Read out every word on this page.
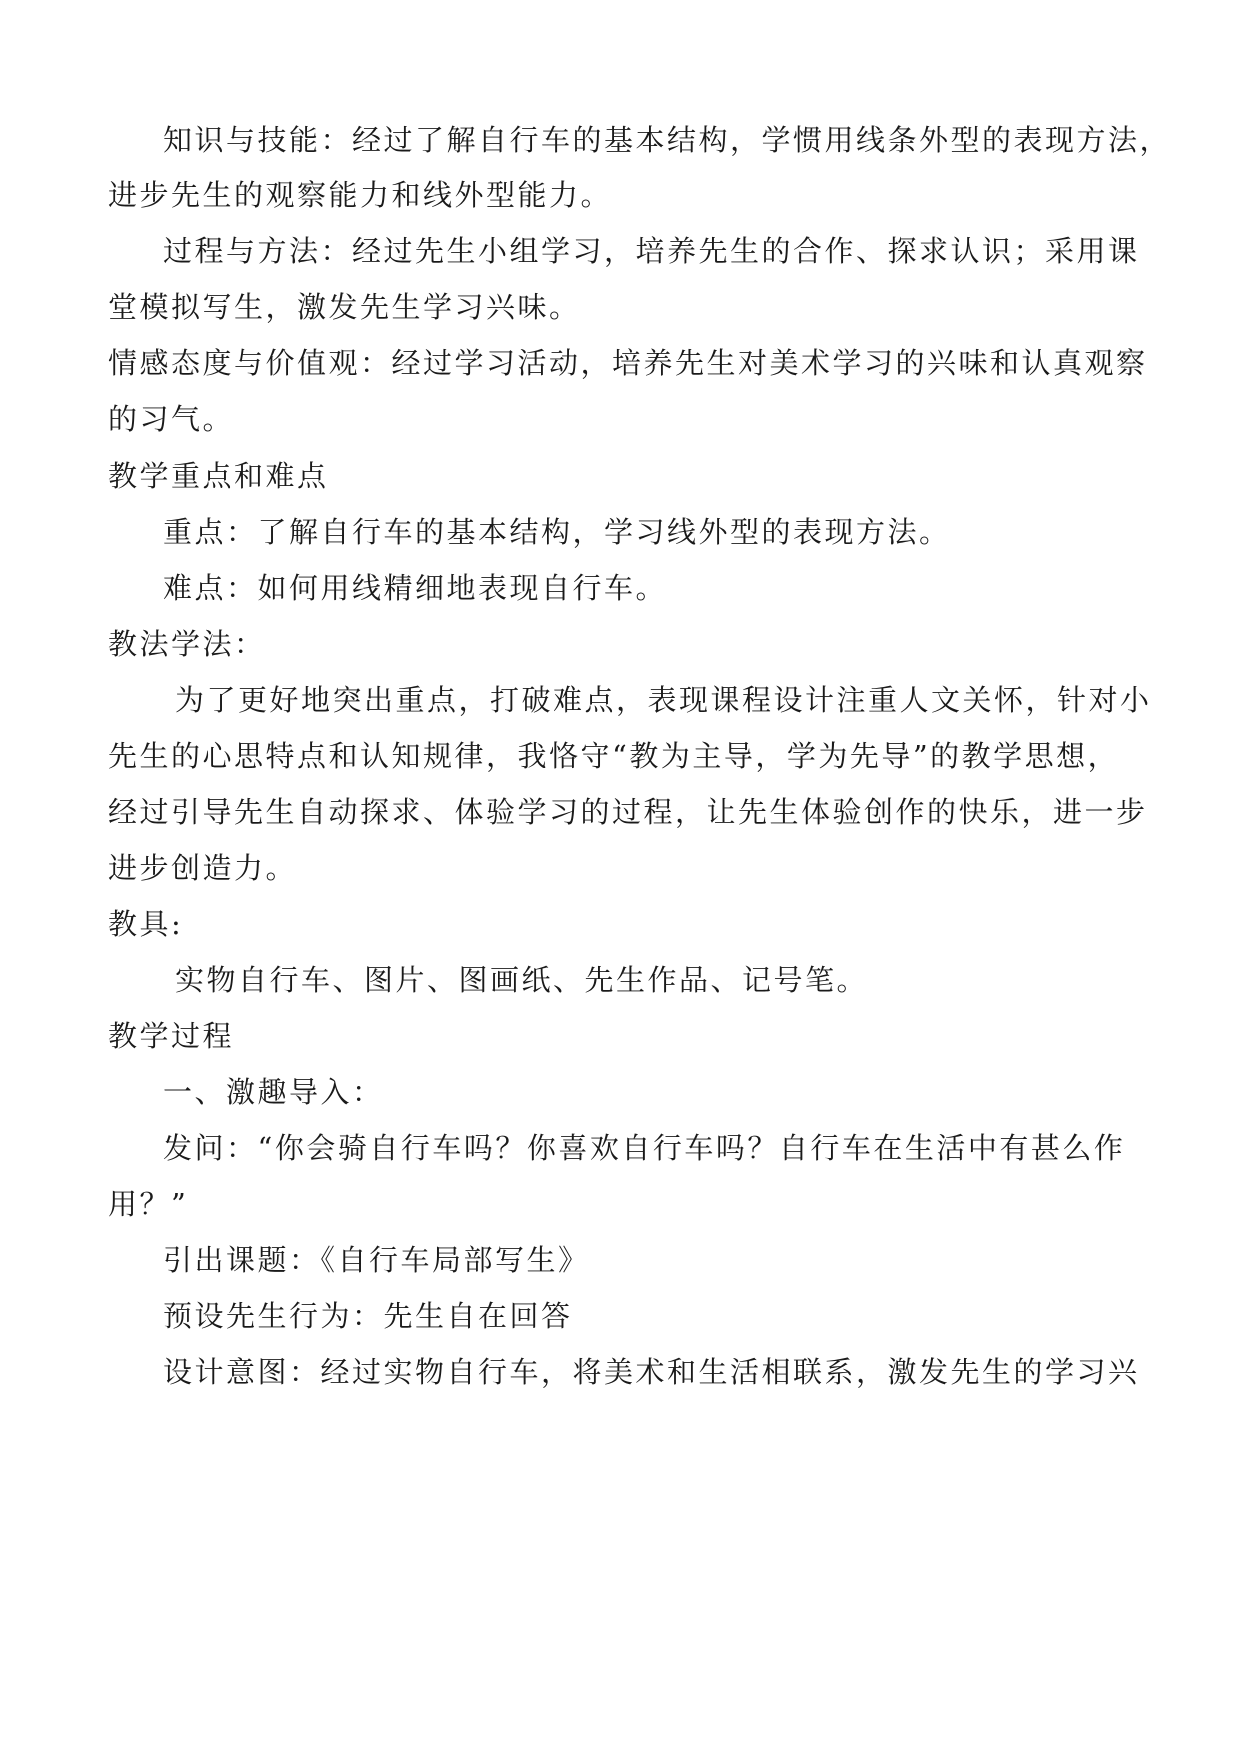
知识与技能：经过了解自行车的基本结构，学惯用线条外型的表现方法，
进步先生的观察能力和线外型能力。
过程与方法：经过先生小组学习，培养先生的合作、探求认识；采用课
堂模拟写生，激发先生学习兴味。
情感态度与价值观：经过学习活动，培养先生对美术学习的兴味和认真观察
的习气。
教学重点和难点
重点：了解自行车的基本结构，学习线外型的表现方法。
难点：如何用线精细地表现自行车。
教法学法：
为了更好地突出重点，打破难点，表现课程设计注重人文关怀，针对小
先生的心思特点和认知规律，我恪守“教为主导，学为先导”的教学思想，
经过引导先生自动探求、体验学习的过程，让先生体验创作的快乐，进一步
进步创造力。
教具:
实物自行车、图片、图画纸、先生作品、记号笔。
教学过程
一、激趣导入：
发问：“你会骑自行车吗？你喜欢自行车吗？自行车在生活中有甚么作
用？”
引出课题：《自行车局部写生》
预设先生行为：先生自在回答
设计意图：经过实物自行车，将美术和生活相联系，激发先生的学习兴
